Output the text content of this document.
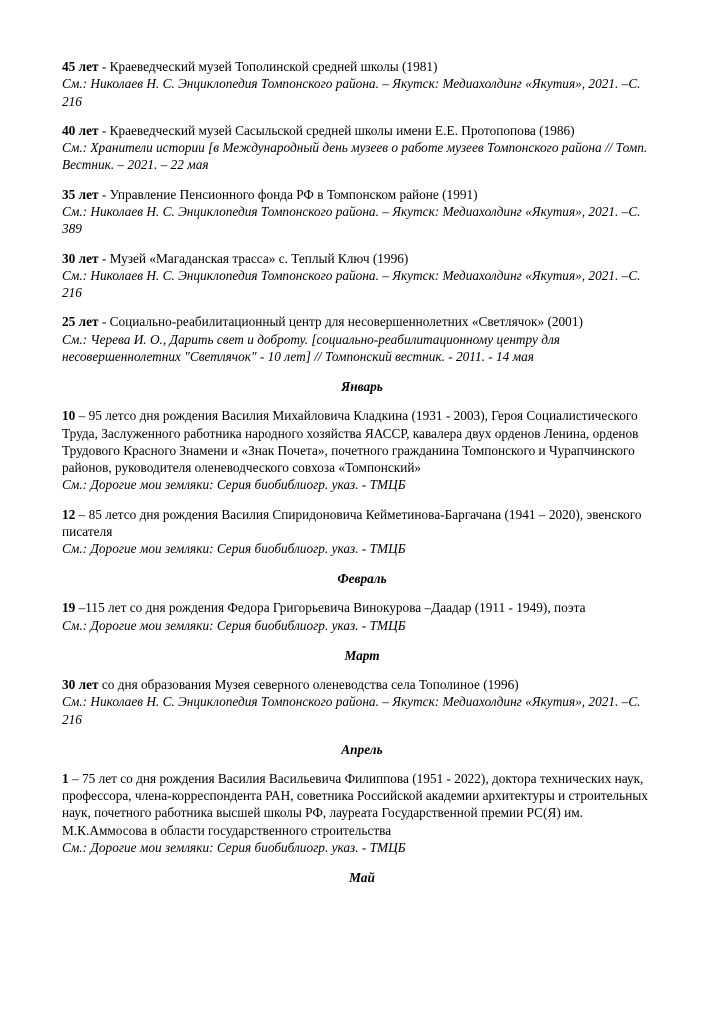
45 лет - Краеведческий музей Тополинской средней школы (1981)
См.: Николаев Н. С. Энциклопедия Томпонского района. – Якутск: Медиахолдинг «Якутия», 2021. –С. 216
40 лет - Краеведческий музей Сасыльской средней школы имени Е.Е. Протопопова (1986)
См.: Хранители истории [в Международный день музеев о работе музеев Томпонского района // Томп. Вестник. – 2021. – 22 мая
35 лет - Управление Пенсионного фонда РФ в Томпонском районе (1991)
См.: Николаев Н. С. Энциклопедия Томпонского района. – Якутск: Медиахолдинг «Якутия», 2021. –С. 389
30 лет - Музей «Магаданская трасса» с. Теплый Ключ (1996)
См.: Николаев Н. С. Энциклопедия Томпонского района. – Якутск: Медиахолдинг «Якутия», 2021. –С. 216
25 лет - Социально-реабилитационный центр для несовершеннолетних «Светлячок» (2001)
См.: Черева И. О., Дарить свет и доброту. [социально-реабилитационному центру для несовершеннолетних "Светлячок" - 10 лет] // Томпонский вестник. - 2011. - 14 мая
Январь
10 – 95 летсо дня рождения Василия Михайловича Кладкина (1931 - 2003), Героя Социалистического Труда, Заслуженного работника народного хозяйства ЯАССР, кавалера двух орденов Ленина, орденов Трудового Красного Знамени и «Знак Почета», почетного гражданина Томпонского и Чурапчинского районов, руководителя оленеводческого совхоза «Томпонский»
См.: Дорогие мои земляки: Серия биобиблиогр. указ. - ТМЦБ
12 – 85 летсо дня рождения Василия Спиридоновича Кейметинова-Баргачана (1941 – 2020), эвенского писателя
См.: Дорогие мои земляки: Серия биобиблиогр. указ. - ТМЦБ
Февраль
19 –115 лет со дня рождения Федора Григорьевича Винокурова –Даадар (1911 - 1949), поэта
См.: Дорогие мои земляки: Серия биобиблиогр. указ. - ТМЦБ
Март
30 лет со дня образования Музея северного оленеводства села Тополиное (1996)
См.: Николаев Н. С. Энциклопедия Томпонского района. – Якутск: Медиахолдинг «Якутия», 2021. –С. 216
Апрель
1 – 75 лет со дня рождения Василия Васильевича Филиппова (1951 - 2022), доктора технических наук, профессора, члена-корреспондента РАН, советника Российской академии архитектуры и строительных наук, почетного работника высшей школы РФ, лауреата Государственной премии РС(Я) им. М.К.Аммосова в области государственного строительства
См.: Дорогие мои земляки: Серия биобиблиогр. указ. - ТМЦБ
Май
